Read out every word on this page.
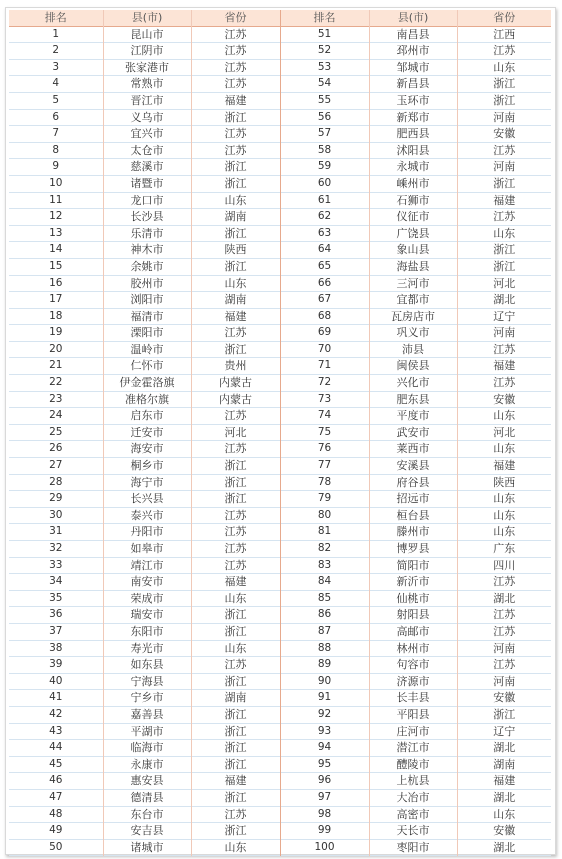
排名	县(市)	省份	排名	县(市)	省份
1	昆山市	江苏	51	南昌县	江西
2	江阴市	江苏	52	邳州市	江苏
3	张家港市	江苏	53	邹城市	山东
4	常熟市	江苏	54	新昌县	浙江
5	晋江市	福建	55	玉环市	浙江
6	义乌市	浙江	56	新郑市	河南
7	宜兴市	江苏	57	肥西县	安徽
8	太仓市	江苏	58	沭阳县	江苏
9	慈溪市	浙江	59	永城市	河南
10	诸暨市	浙江	60	嵊州市	浙江
11	龙口市	山东	61	石狮市	福建
12	长沙县	湖南	62	仪征市	江苏
13	乐清市	浙江	63	广饶县	山东
14	神木市	陕西	64	象山县	浙江
15	余姚市	浙江	65	海盐县	浙江
16	胶州市	山东	66	三河市	河北
17	浏阳市	湖南	67	宜都市	湖北
18	福清市	福建	68	瓦房店市	辽宁
19	溧阳市	江苏	69	巩义市	河南
20	温岭市	浙江	70	沛县	江苏
21	仁怀市	贵州	71	闽侯县	福建
22	伊金霍洛旗	内蒙古	72	兴化市	江苏
23	准格尔旗	内蒙古	73	肥东县	安徽
24	启东市	江苏	74	平度市	山东
25	迁安市	河北	75	武安市	河北
26	海安市	江苏	76	莱西市	山东
27	桐乡市	浙江	77	安溪县	福建
28	海宁市	浙江	78	府谷县	陕西
29	长兴县	浙江	79	招远市	山东
30	泰兴市	江苏	80	桓台县	山东
31	丹阳市	江苏	81	滕州市	山东
32	如皋市	江苏	82	博罗县	广东
33	靖江市	江苏	83	简阳市	四川
34	南安市	福建	84	新沂市	江苏
35	荣成市	山东	85	仙桃市	湖北
36	瑞安市	浙江	86	射阳县	江苏
37	东阳市	浙江	87	高邮市	江苏
38	寿光市	山东	88	林州市	河南
39	如东县	江苏	89	句容市	江苏
40	宁海县	浙江	90	济源市	河南
41	宁乡市	湖南	91	长丰县	安徽
42	嘉善县	浙江	92	平阳县	浙江
43	平湖市	浙江	93	庄河市	辽宁
44	临海市	浙江	94	潜江市	湖北
45	永康市	浙江	95	醴陵市	湖南
46	惠安县	福建	96	上杭县	福建
47	德清县	浙江	97	大冶市	湖北
48	东台市	江苏	98	高密市	山东
49	安吉县	浙江	99	天长市	安徽
50	诸城市	山东	100	枣阳市	湖北
